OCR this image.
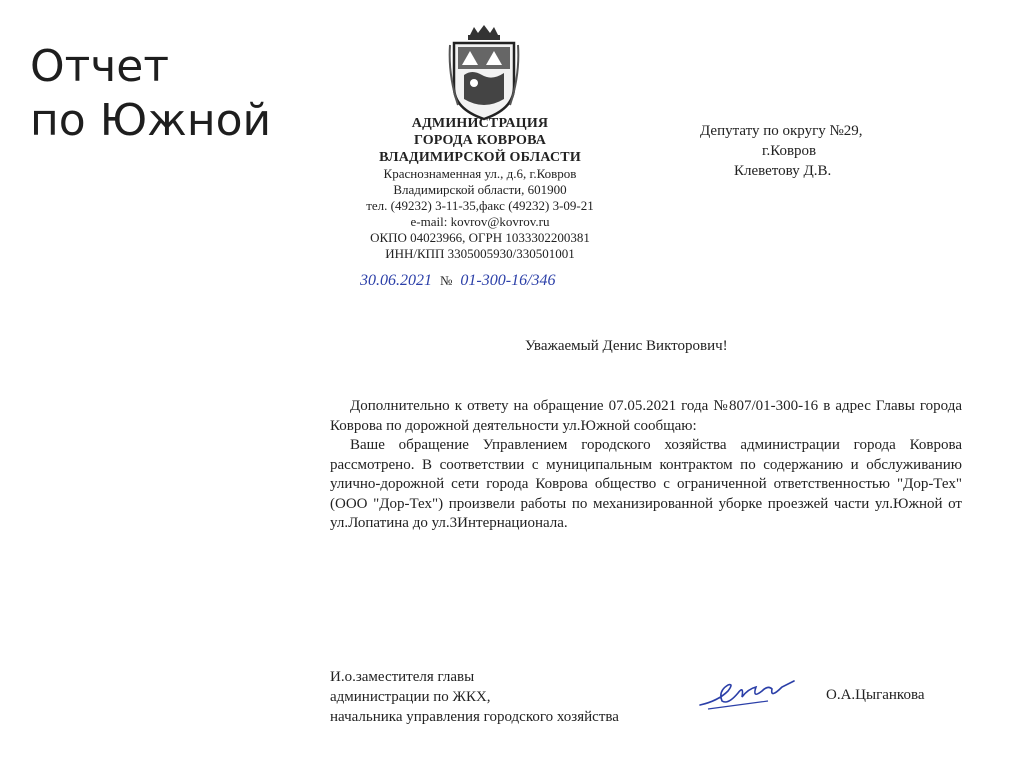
Отчет
по Южной	АДМИНИСТРАЦИЯ
ГОРОДА КОВРОВА
ВЛАДИМИРСКОЙ ОБЛАСТИ
Краснознаменная ул., д.6, г.Ковров
Владимирской области, 601900
тел. (49232) 3-11-35,факс (49232) 3-09-21
e-mail: kovrov@kovrov.ru
ОКПО 04023966, ОГРН 1033302200381
ИНН/КПП 3305005930/330501001
30.06.2021 № 01-300-16/346
Депутату по округу №29,
г.Ковров
Клеветову Д.В.
Уважаемый Денис Викторович!

Дополнительно к ответу на обращение 07.05.2021 года №807/01-300-16 в адрес Главы города Коврова по дорожной деятельности ул.Южной сообщаю:

Ваше обращение Управлением городского хозяйства администрации города Коврова рассмотрено. В соответствии с муниципальным контрактом по содержанию и обслуживанию улично-дорожной сети города Коврова общество с ограниченной ответственностью "Дор-Тех" (ООО "Дор-Тех") произвели работы по механизированной уборке проезжей части ул.Южной от ул.Лопатина до ул.3Интернационала.

И.о.заместителя главы
администрации по ЖКХ,
начальника управления городского хозяйства
О.А.Цыганкова
